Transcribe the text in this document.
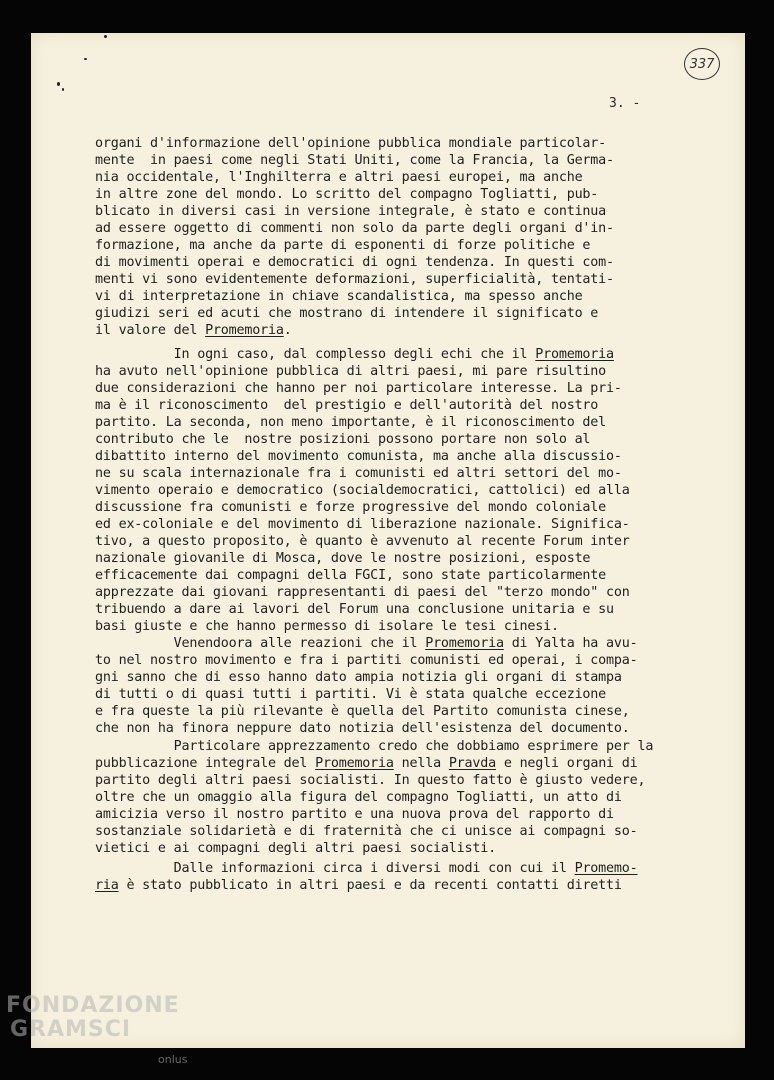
337
3. -
organi d'informazione dell'opinione pubblica mondiale particolar-
mente  in paesi come negli Stati Uniti, come la Francia, la Germa-
nia occidentale, l'Inghilterra e altri paesi europei, ma anche
in altre zone del mondo. Lo scritto del compagno Togliatti, pub-
blicato in diversi casi in versione integrale, è stato e continua
ad essere oggetto di commenti non solo da parte degli organi d'in-
formazione, ma anche da parte di esponenti di forze politiche e
di movimenti operai e democratici di ogni tendenza. In questi com-
menti vi sono evidentemente deformazioni, superficialità, tentati-
vi di interpretazione in chiave scandalistica, ma spesso anche
giudizi seri ed acuti che mostrano di intendere il significato e
il valore del Promemoria.
In ogni caso, dal complesso degli echi che il Promemoria
ha avuto nell'opinione pubblica di altri paesi, mi pare risultino
due considerazioni che hanno per noi particolare interesse. La pri-
ma è il riconoscimento  del prestigio e dell'autorità del nostro
partito. La seconda, non meno importante, è il riconoscimento del
contributo che le  nostre posizioni possono portare non solo al
dibattito interno del movimento comunista, ma anche alla discussio-
ne su scala internazionale fra i comunisti ed altri settori del mo-
vimento operaio e democratico (socialdemocratici, cattolici) ed alla
discussione fra comunisti e forze progressive del mondo coloniale
ed ex-coloniale e del movimento di liberazione nazionale. Significa-
tivo, a questo proposito, è quanto è avvenuto al recente Forum inter
nazionale giovanile di Mosca, dove le nostre posizioni, esposte
efficacemente dai compagni della FGCI, sono state particolarmente
apprezzate dai giovani rappresentanti di paesi del "terzo mondo" con
tribuendo a dare ai lavori del Forum una conclusione unitaria e su
basi giuste e che hanno permesso di isolare le tesi cinesi.
Venendoora alle reazioni che il Promemoria di Yalta ha avu-
to nel nostro movimento e fra i partiti comunisti ed operai, i compa-
gni sanno che di esso hanno dato ampia notizia gli organi di stampa
di tutti o di quasi tutti i partiti. Vi è stata qualche eccezione
e fra queste la più rilevante è quella del Partito comunista cinese,
che non ha finora neppure dato notizia dell'esistenza del documento.
Particolare apprezzamento credo che dobbiamo esprimere per la
pubblicazione integrale del Promemoria nella Pravda e negli organi di
partito degli altri paesi socialisti. In questo fatto è giusto vedere,
oltre che un omaggio alla figura del compagno Togliatti, un atto di
amicizia verso il nostro partito e una nuova prova del rapporto di
sostanziale solidarietà e di fraternità che ci unisce ai compagni so-
vietici e ai compagni degli altri paesi socialisti.
Dalle informazioni circa i diversi modi con cui il Promemo-
ria è stato pubblicato in altri paesi e da recenti contatti diretti
FONDAZIONE
GRAMSCI
onlus
